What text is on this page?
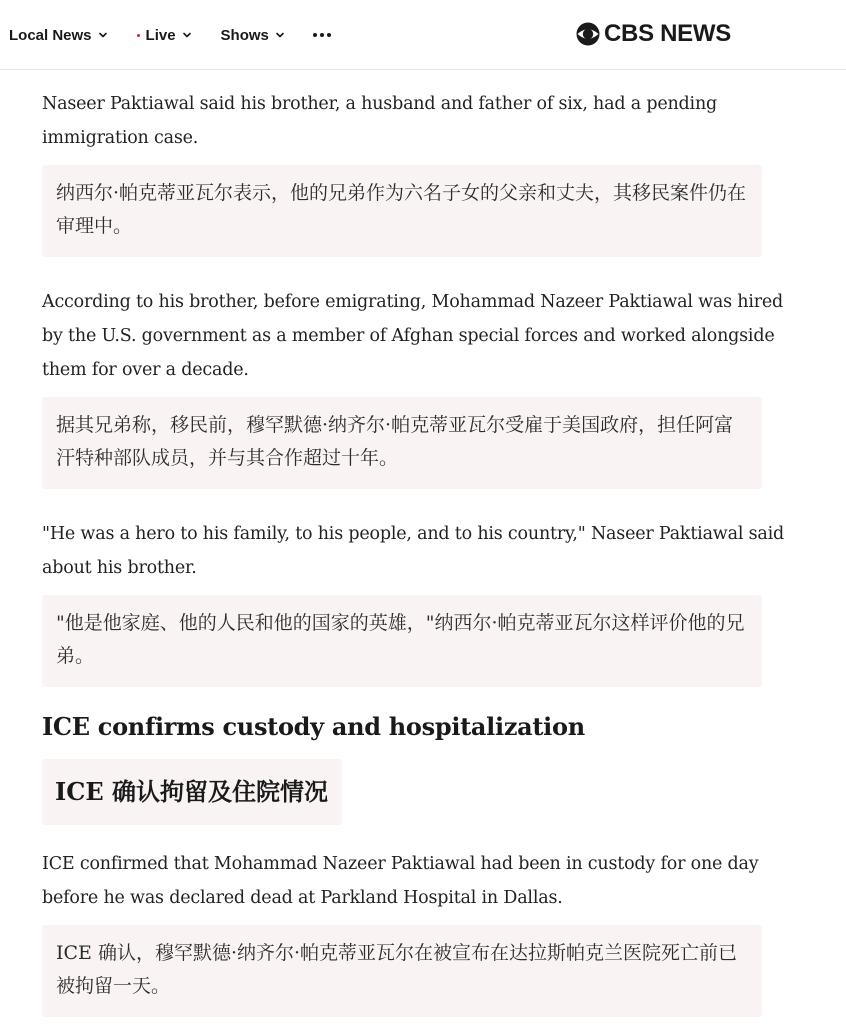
Local News	Live	Shows	CBS NEWS

Naseer Paktiawal said his brother, a husband and father of six, had a pending immigration case.

纳西尔·帕克蒂亚瓦尔表示，他的兄弟作为六名子女的父亲和丈夫，其移民案件仍在审理中。

According to his brother, before emigrating, Mohammad Nazeer Paktiawal was hired by the U.S. government as a member of Afghan special forces and worked alongside them for over a decade.

据其兄弟称，移民前，穆罕默德·纳齐尔·帕克蒂亚瓦尔受雇于美国政府，担任阿富汗特种部队成员，并与其合作超过十年。

"He was a hero to his family, to his people, and to his country," Naseer Paktiawal said about his brother.

"他是他家庭、他的人民和他的国家的英雄，"纳西尔·帕克蒂亚瓦尔这样评价他的兄弟。
ICE confirms custody and hospitalization
ICE 确认拘留及住院情况

ICE confirmed that Mohammad Nazeer Paktiawal had been in custody for one day before he was declared dead at Parkland Hospital in Dallas.

ICE 确认，穆罕默德·纳齐尔·帕克蒂亚瓦尔在被宣布在达拉斯帕克兰医院死亡前已被拘留一天。
